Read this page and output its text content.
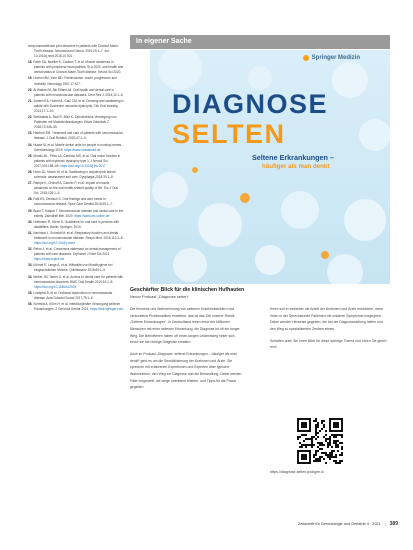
temporomandibular joint disorders in patients with Charcot-Marie-Tooth disease. Neuromuscul Disord. 2019;29:1–7. doi: 10.1016/j.nmd.2018.10.001

18.Robb SA, Mueller K, Cadoux T, et al. Muscle weakness in patients with peripheral neuropathies; SLA 2021: oral health and dental status in Charcot-Marie-Tooth disease. Neurol Sci 2020.

19.Hoehn MM, Yahr MD. Parkinsonism: onset, progression and mortality. Neurology 1967;17:427.

20.Al Wakeel M, Bin Elfaird Ali. Oral health and dental care in patients with neuromuscular diseases. Dent Res J. 2014;11:1–6.

21.Jansen EA, Hubert A, Gaul CM, et al. Chewing and swallowing in adults with Duchenne muscular dystrophy. Clin Oral Investig. 2013;17:1–10.

22.Stefanakis A, Stoll R, Bürk K. Zahnärztliche Versorgung von Patienten mit Muskelerkrankungen. Dtsch Zahnärztl Z 2018;73:346–55.

23.Hartford EM. Treatment and care of patients with neuromuscular disease. J Oral Rehabil. 2020;47:1–9.

24.Nusse M, et al. Mobile dental units for people in nursing homes. Gerodontology 2019. https://www.zmkaktuell.de

25.Morais ML, Pinto LA, Cardoso MS, et al. Oral motor function in patients with myotonic dystrophy type 1. J Neurol Sci. 2017;376:188–95. https://doi.org/10.1016/j.jns.2017

26.Holm JD, Moerk W, et al. Swallowing in amyotrophic lateral sclerosis: assessment and care. Dysphagia 2018;33:1–8.

27.Rampe K, Ornhoff A, Garnier P, et al. Impact of muscle weakness on the oral health-related quality of life. Eur J Oral Sci. 2018;126:1–9.

28.Falk ES, Dentsch S. Oral findings and care needs in neuromuscular disease. Spec Care Dentist 2015;35:1–7.

29.Brant T, Kaspar T. Neuromuscular disease and dental care in the elderly. Zahnärztl Mitt. 2020. https://www.zm-online.de

30.Hoffmann R, Glenz S. Guidelines for oral care in persons with disabilities. Berlin: Springer; 2019.

31.Neuhaus L, Schmidt M, et al. Respiratory function and dental treatment in neuromuscular disease. Respir Med. 2016;112:1–8. https://doi.org/10.1016/j.rmed

32.Rehm J, et al. Consensus statement on dental management of patients with rare diseases. Orphanet J Rare Dis 2021. https://www.orpha.net

33.Kühnel E, Lange A, et al. Hilfsmittel zur Mundhygiene bei eingeschränkter Motorik. Quintessenz 2018;69:1–9.

34.Weber JM, Tamm U, et al. Access to dental care for patients with neuromuscular disorders. BMC Oral Health 2019;19:1–8. https://doi.org/10.1186/s12903

35.Lindqvist B, et al. Orofacial dysfunction in neuromuscular disease. Acta Odontol Scand 2017;75:1–6.

36.Schmidt A, Kühn H, et al. Interdisziplinäre Versorgung seltener Erkrankungen. Z Gerontol Geriatr 2021. https://link.springer.com

In eigener Sache
Springer Medizin
DIAGNOSE
SELTEN
Seltene Erkrankungen –
häufiger als man denkt
Geschärfter Blick für die klinischen Hufhauten
Neuer Podcast „Diagnose selten“

Die Kenntnis und Wahrnehmung von seltenen Krankheitsbildern und verbundene Problematiken erweitern, das ist das Ziel unserer Rubrik „Seltene Erkrankungen“. In Deutschland leben etwa vier Millionen Menschen mit einer seltenen Erkrankung, die Diagnose ist oft ein langer Weg. Die Betroffenen haben oft einen langen Leidensweg hinter sich, bevor sie die richtige Diagnose erhalten.

Auch im Podcast „Diagnose: seltene Erkrankungen – häufiger als man denkt“ geht es um die Sensibilisierung der Ärztinnen und Ärzte. Sie sprechen mit erfahrenen Expertinnen und Experten über typische Warnzeichen, den Weg zur Diagnose und die Behandlung. Dabei werden Fälle vorgestellt, die lange unerkannt blieben, und Tipps für die Praxis gegeben.

Ihnen soll er einfacher die Arbeit der Ärztinnen und Ärzte erleichtern, wenn ihnen in der Sprechstunde Patienten mit unklaren Symptomen begegnen. Dabei werden Hinweise gegeben, die bei der Diagnosestellung helfen und den Weg zu spezialisierten Zentren ebnen.

Schärfen auch Sie Ihren Blick für diese wichtige Thema und hören Sie gleich rein!

https://diagnose-selten.podigee.io
Zeitschrift für Gerontologie und Geriatrie 4 · 2021 | 389
